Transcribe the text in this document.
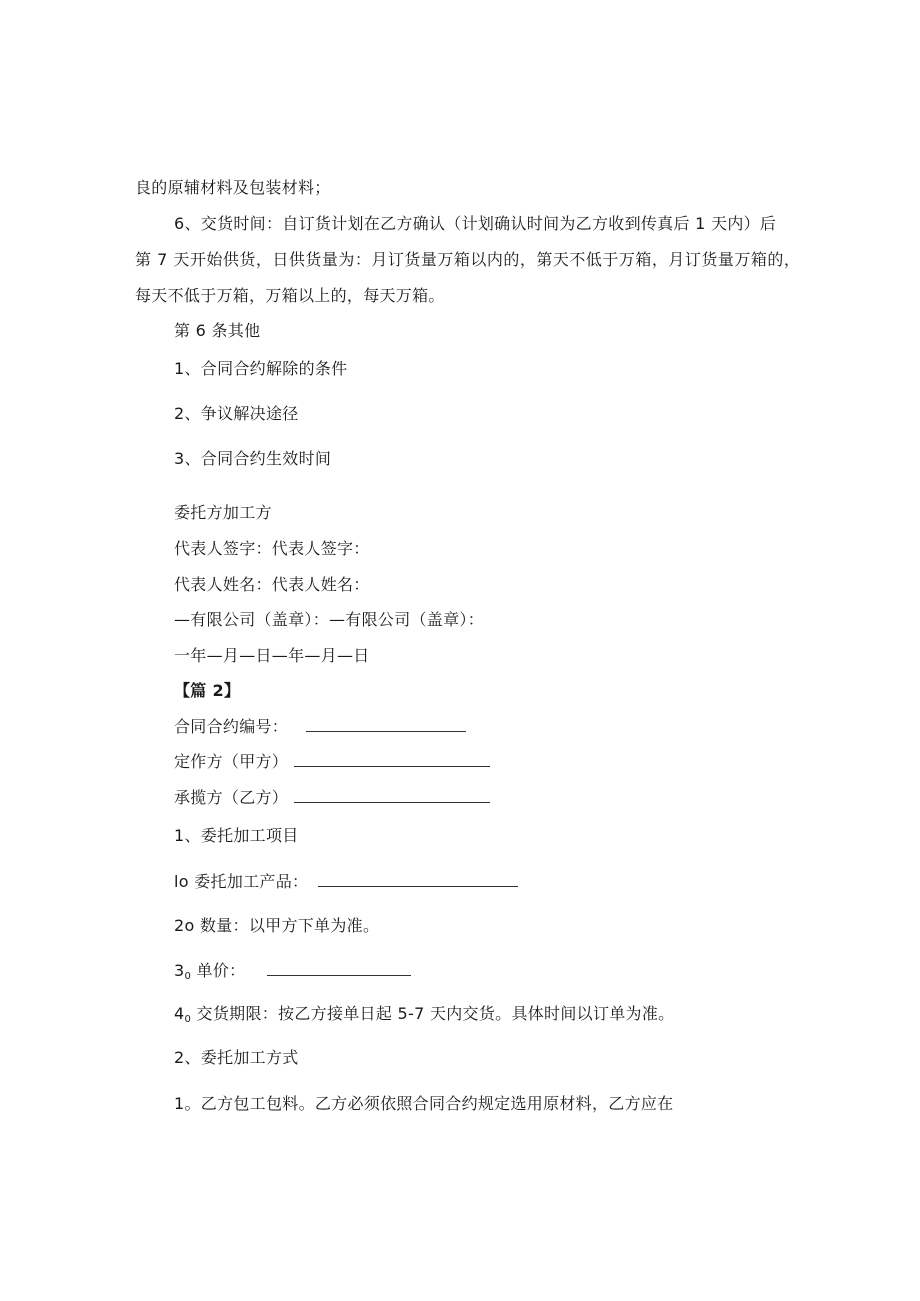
良的原辅材料及包装材料；
6、交货时间：自订货计划在乙方确认（计划确认时间为乙方收到传真后 1 天内）后
第 7 天开始供货，日供货量为：月订货量万箱以内的，第天不低于万箱，月订货量万箱的，
每天不低于万箱，万箱以上的，每天万箱。
第 6 条其他
1、合同合约解除的条件
2、争议解决途径
3、合同合约生效时间
委托方加工方
代表人签字：代表人签字：
代表人姓名：代表人姓名：
—有限公司（盖章）：—有限公司（盖章）：
一年—月—日—年—月—日
【篇 2】
合同合约编号：
定作方（甲方）
承揽方（乙方）
1、委托加工项目
lo 委托加工产品：
2o 数量：以甲方下单为准。
$3_0$ 单价：
$4_0$ 交货期限：按乙方接单日起 5-7 天内交货。具体时间以订单为准。
2、委托加工方式
1。乙方包工包料。乙方必须依照合同合约规定选用原材料，乙方应在
